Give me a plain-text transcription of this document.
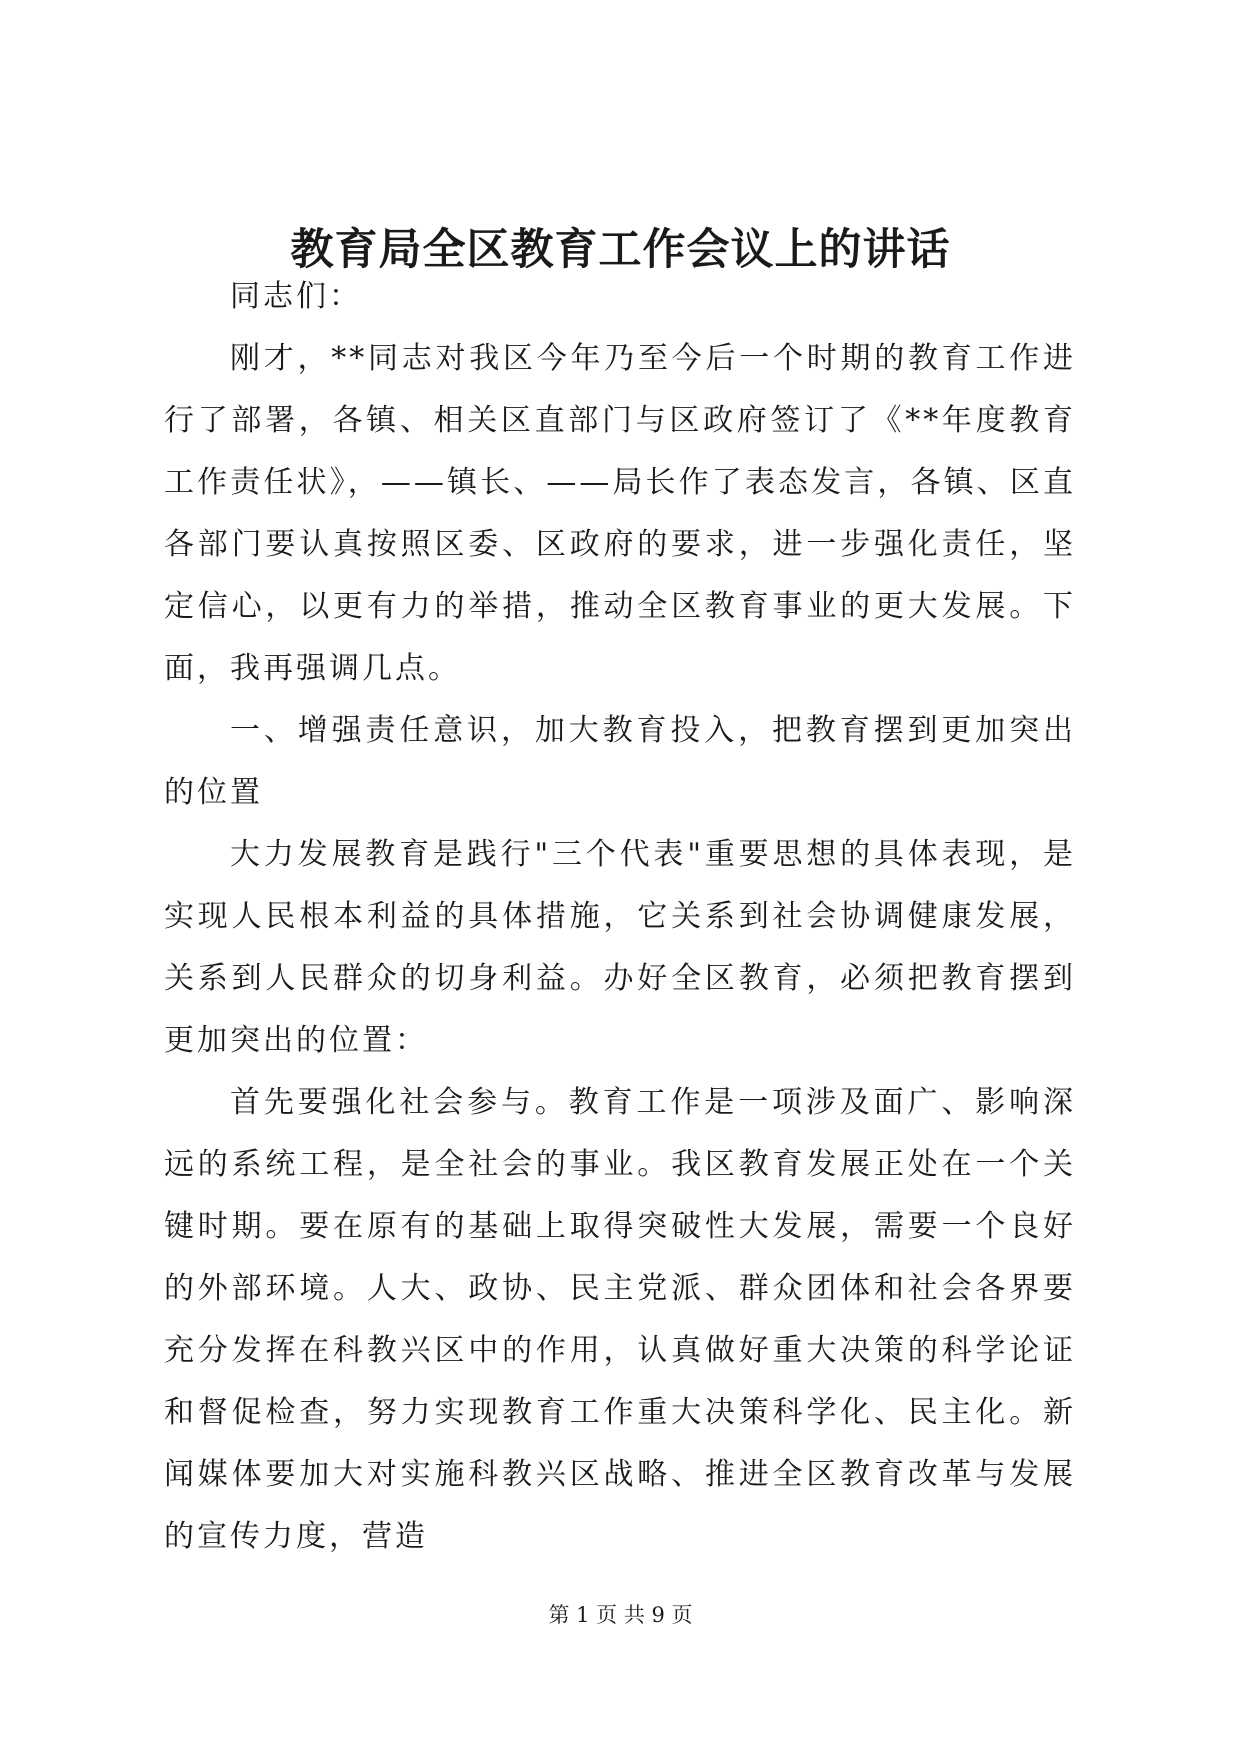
教育局全区教育工作会议上的讲话

同志们：

刚才，**同志对我区今年乃至今后一个时期的教育工作进行了部署，各镇、相关区直部门与区政府签订了《**年度教育工作责任状》，——镇长、——局长作了表态发言，各镇、区直各部门要认真按照区委、区政府的要求，进一步强化责任，坚定信心，以更有力的举措，推动全区教育事业的更大发展。下面，我再强调几点。

一、增强责任意识，加大教育投入，把教育摆到更加突出的位置

大力发展教育是践行"三个代表"重要思想的具体表现，是实现人民根本利益的具体措施，它关系到社会协调健康发展，关系到人民群众的切身利益。办好全区教育，必须把教育摆到更加突出的位置：

首先要强化社会参与。教育工作是一项涉及面广、影响深远的系统工程，是全社会的事业。我区教育发展正处在一个关键时期。要在原有的基础上取得突破性大发展，需要一个良好的外部环境。人大、政协、民主党派、群众团体和社会各界要充分发挥在科教兴区中的作用，认真做好重大决策的科学论证和督促检查，努力实现教育工作重大决策科学化、民主化。新闻媒体要加大对实施科教兴区战略、推进全区教育改革与发展的宣传力度，营造

第 1 页 共 9 页
